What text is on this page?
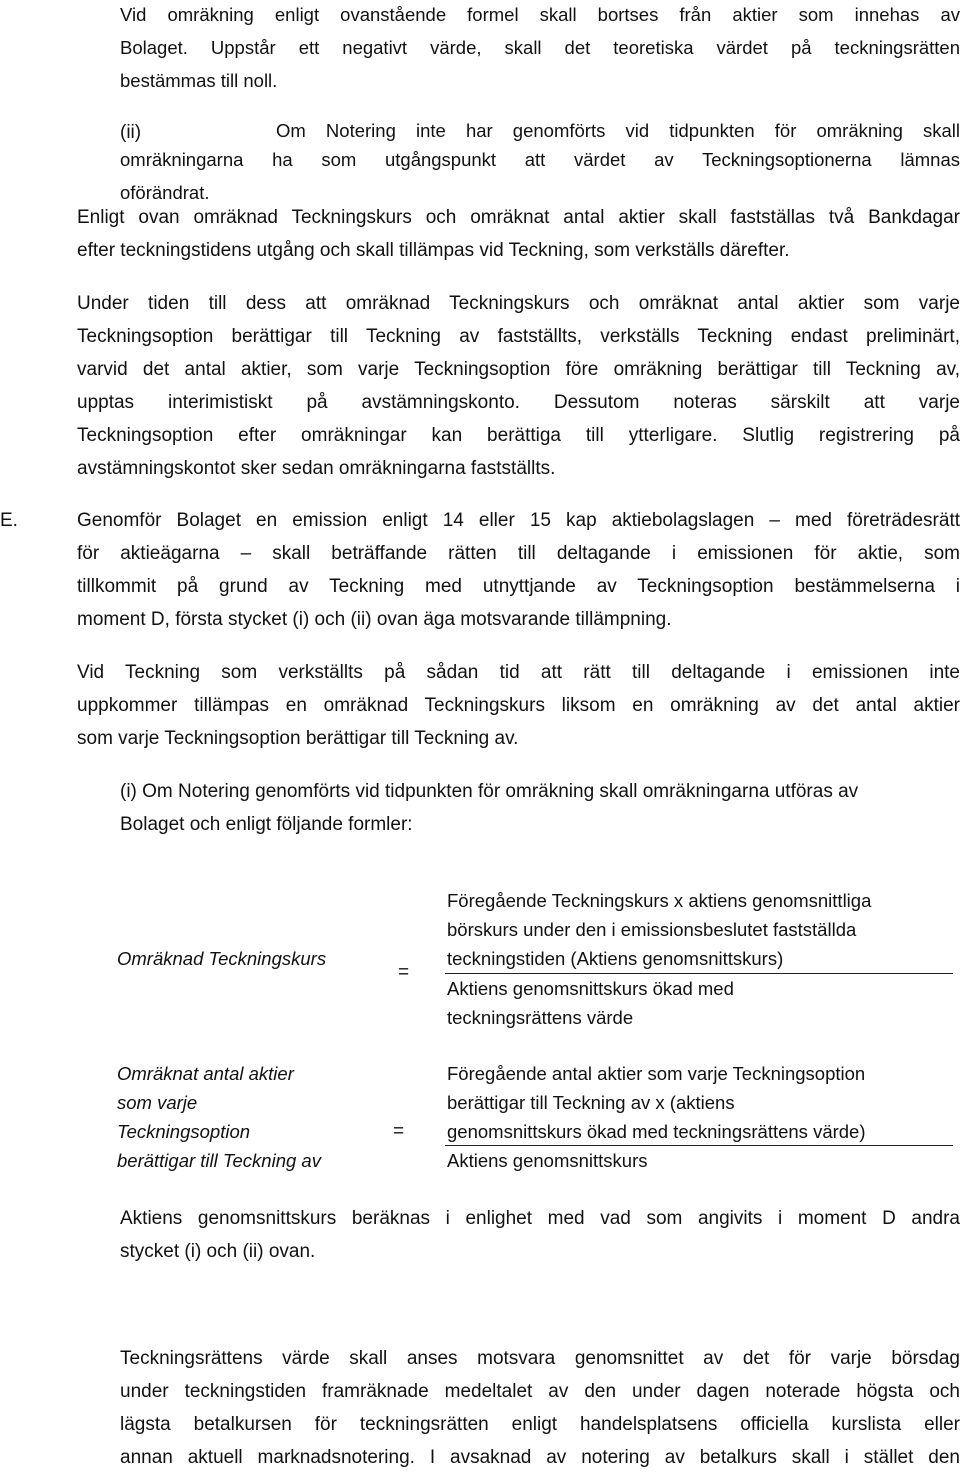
Vid omräkning enligt ovanstående formel skall bortses från aktier som innehas av
Bolaget. Uppstår ett negativt värde, skall det teoretiska värdet på teckningsrätten
bestämmas till noll.
(ii)	Om Notering inte har genomförts vid tidpunkten för omräkning skall
omräkningarna ha som utgångspunkt att värdet av Teckningsoptionerna lämnas
oförändrat.
Enligt ovan omräknad Teckningskurs och omräknat antal aktier skall fastställas två Bankdagar
efter teckningstidens utgång och skall tillämpas vid Teckning, som verkställs därefter.
Under tiden till dess att omräknad Teckningskurs och omräknat antal aktier som varje
Teckningsoption berättigar till Teckning av fastställts, verkställs Teckning endast preliminärt,
varvid det antal aktier, som varje Teckningsoption före omräkning berättigar till Teckning av,
upptas interimistiskt på avstämningskonto. Dessutom noteras särskilt att varje
Teckningsoption efter omräkningar kan berättiga till ytterligare. Slutlig registrering på
avstämningskontot sker sedan omräkningarna fastställts.
E.	Genomför Bolaget en emission enligt 14 eller 15 kap aktiebolagslagen – med företrädesrätt
för aktieägarna – skall beträffande rätten till deltagande i emissionen för aktie, som
tillkommit på grund av Teckning med utnyttjande av Teckningsoption bestämmelserna i
moment D, första stycket (i) och (ii) ovan äga motsvarande tillämpning.
Vid Teckning som verkställts på sådan tid att rätt till deltagande i emissionen inte
uppkommer tillämpas en omräknad Teckningskurs liksom en omräkning av det antal aktier
som varje Teckningsoption berättigar till Teckning av.
(i) Om Notering genomförts vid tidpunkten för omräkning skall omräkningarna utföras av
Bolaget och enligt följande formler:
Omräknad Teckningskurs
=
Föregående Teckningskurs x aktiens genomsnittliga
börskurs under den i emissionsbeslutet fastställda
teckningstiden (Aktiens genomsnittskurs)
Aktiens genomsnittskurs ökad med
teckningsrättens värde
Omräknat antal aktier
som varje
Teckningsoption
berättigar till Teckning av
=
Föregående antal aktier som varje Teckningsoption
berättigar till Teckning av x (aktiens
genomsnittskurs ökad med teckningsrättens värde)
Aktiens genomsnittskurs
Aktiens genomsnittskurs beräknas i enlighet med vad som angivits i moment D andra
stycket (i) och (ii) ovan.
Teckningsrättens värde skall anses motsvara genomsnittet av det för varje börsdag
under teckningstiden framräknade medeltalet av den under dagen noterade högsta och
lägsta betalkursen för teckningsrätten enligt handelsplatsens officiella kurslista eller
annan aktuell marknadsnotering. I avsaknad av notering av betalkurs skall i stället den
